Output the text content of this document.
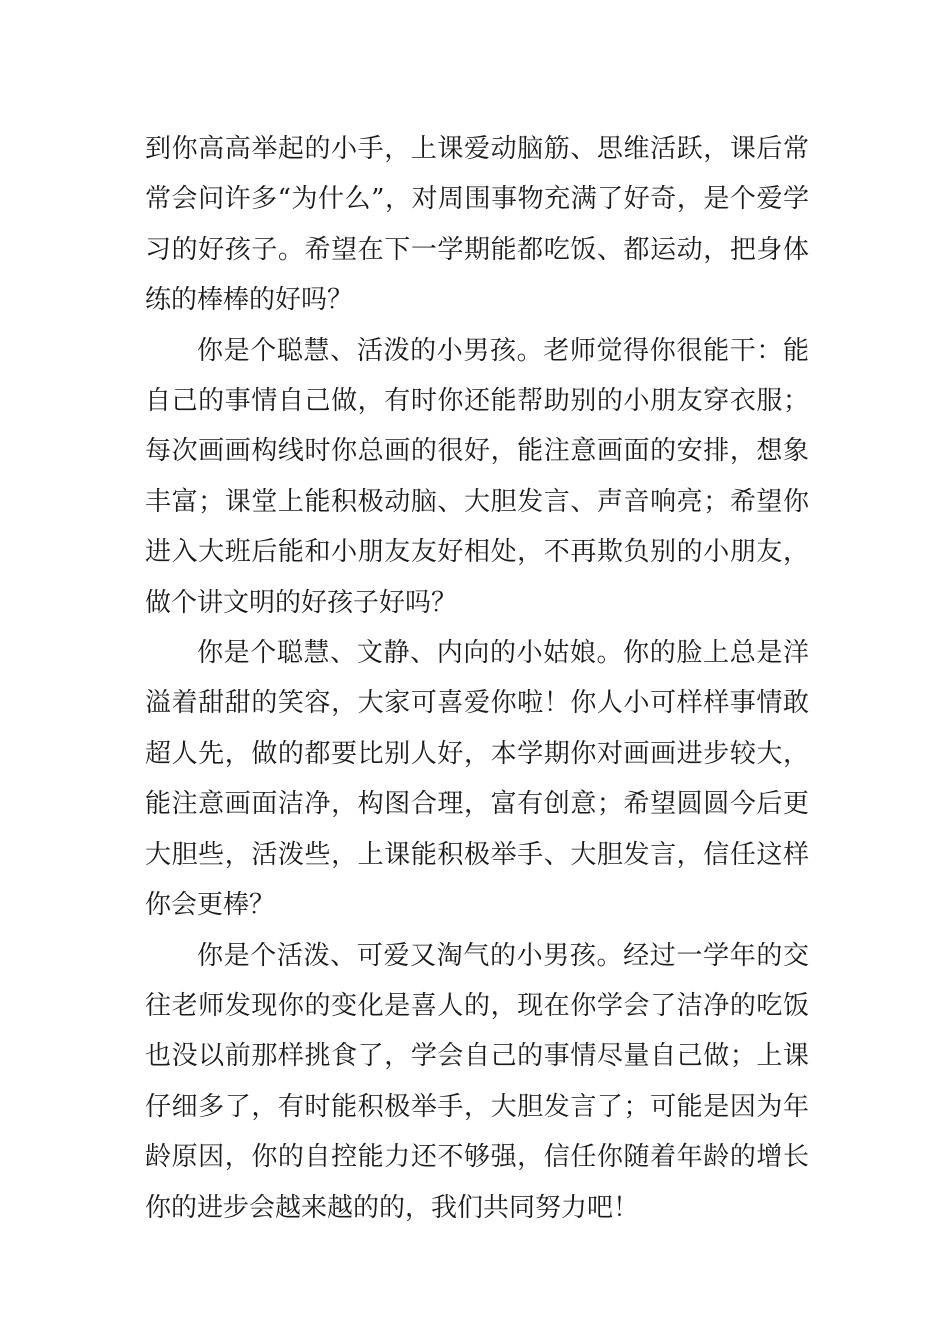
到你高高举起的小手，上课爱动脑筋、思维活跃，课后常常会问许多“为什么”，对周围事物充满了好奇，是个爱学习的好孩子。希望在下一学期能都吃饭、都运动，把身体练的棒棒的好吗？

你是个聪慧、活泼的小男孩。老师觉得你很能干：能自己的事情自己做，有时你还能帮助别的小朋友穿衣服；每次画画构线时你总画的很好，能注意画面的安排，想象丰富；课堂上能积极动脑、大胆发言、声音响亮；希望你进入大班后能和小朋友友好相处，不再欺负别的小朋友，做个讲文明的好孩子好吗？

你是个聪慧、文静、内向的小姑娘。你的脸上总是洋溢着甜甜的笑容，大家可喜爱你啦！你人小可样样事情敢超人先，做的都要比别人好，本学期你对画画进步较大，能注意画面洁净，构图合理，富有创意；希望圆圆今后更大胆些，活泼些，上课能积极举手、大胆发言，信任这样你会更棒？

你是个活泼、可爱又淘气的小男孩。经过一学年的交往老师发现你的变化是喜人的，现在你学会了洁净的吃饭也没以前那样挑食了，学会自己的事情尽量自己做；上课仔细多了，有时能积极举手，大胆发言了；可能是因为年龄原因，你的自控能力还不够强，信任你随着年龄的增长你的进步会越来越的的，我们共同努力吧！
